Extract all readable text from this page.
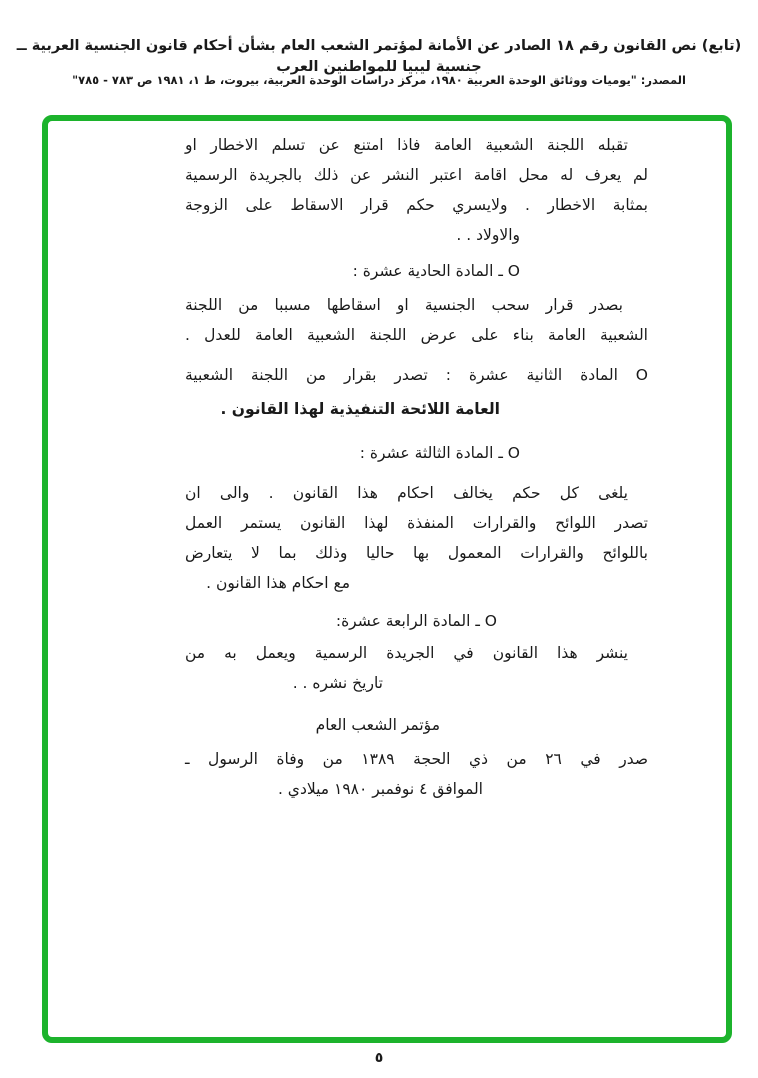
(تابع) نص القانون رقم ١٨ الصادر عن الأمانة لمؤتمر الشعب العام بشأن أحكام قانون الجنسية العربية ــ جنسية ليبيا للمواطنين العرب
المصدر: "يوميات ووثائق الوحدة العربية ١٩٨٠، مركز دراسات الوحدة العربية، بيروت، ط ١، ١٩٨١ ص ٧٨٣ - ٧٨٥"
تقبله اللجنة الشعبية العامة فاذا امتنع عن تسلم الاخطار او
لم يعرف له محل اقامة اعتبر النشر عن ذلك بالجريدة الرسمية
بمثابة الاخطار . ولايسري حكم قرار الاسقاط على الزوجة
والاولاد . .
O ـ المادة الحادية عشرة :
بصدر قرار سحب الجنسية او اسقاطها مسببا من اللجنة
الشعبية العامة بناء على عرض اللجنة الشعبية العامة للعدل .
O المادة الثانية عشرة : تصدر بقرار من اللجنة الشعبية
العامة اللائحة التنفيذية لهذا القانون .
O ـ المادة الثالثة عشرة :
يلغى كل حكم يخالف احكام هذا القانون . والى ان
تصدر اللوائح والقرارات المنفذة لهذا القانون يستمر العمل
باللوائح والقرارات المعمول بها حاليا وذلك بما لا يتعارض
مع احكام هذا القانون .
O ـ المادة الرابعة عشرة:
ينشر هذا القانون في الجريدة الرسمية ويعمل به من
تاريخ نشره . .
مؤتمر الشعب العام
صدر في ٢٦ من ذي الحجة ١٣٨٩ من وفاة الرسول ـ
الموافق ٤ نوفمبر ١٩٨٠ ميلادي .
٥
